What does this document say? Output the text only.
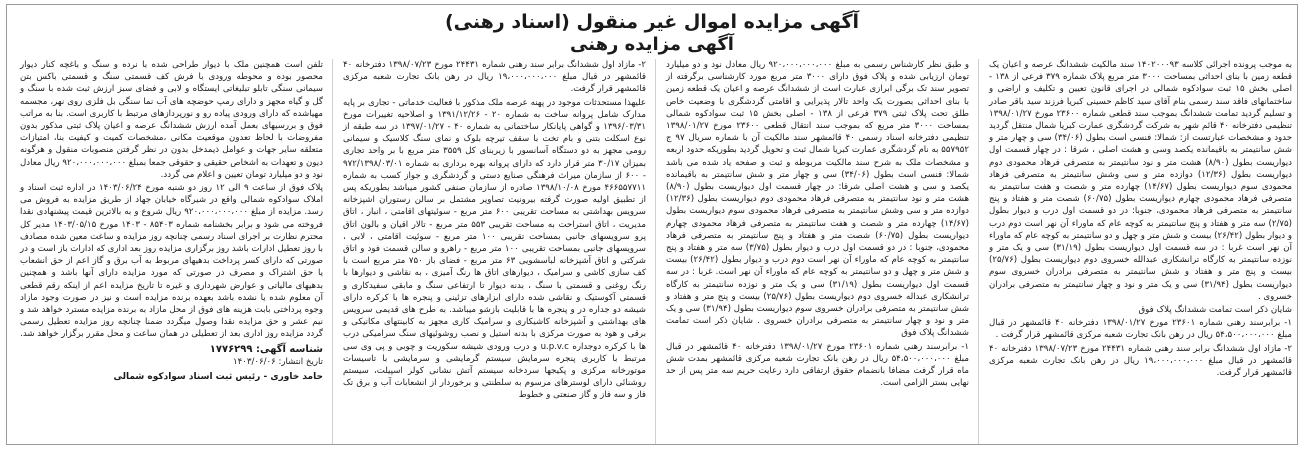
آگهی مزایده اموال غیر منقول (اسناد رهنی)
آگهی مزایده رهنی

به موجب پرونده اجرائی کلاسه ۱۴۰۲۰۰۰۹۳ سند مالکیت ششدانگ عرصه و اعیان یک قطعه زمین با بنای احداثی بمساحت ۳۰۰۰ متر مربع پلاک شماره ۳۷۹ فرعی از ۱۳۸ - اصلی بخش ۱۵ ثبت سوادکوه شمالی در اجرای قانون تعیین و تکلیف و اراضی و ساختمانهای فاقد سند رسمی بنام آقای سید کاظم حسینی کبریا فرزند سید باقر صادر و تسلیم گردید تمامت ششدانگ بموجب سند قطعی شماره ۲۳۶۰۰ مورخ ۱۳۹۸/۰۱/۲۷ تنظیمی دفترخانه ۴۰ قائم شهر به شرکت گردشگری عمارت کبریا شمال منتقل گردید حدود و مشخصات عبارتست از: شمالا: فنسی است بطول (۳۴/۰۶) سی و چهار متر و شش سانتیمتر به باقیمانده یکصد وسی و هشت اصلی ، شرقا : در چهار قسمت اول دیواریست بطول (۸/۹۰) هشت متر و نود سانتیمتر به متصرفی فرهاد محمودی دوم دیواریست بطول (۱۲/۳۶) دوازده متر و سی وشش سانتیمتر به متصرفی فرهاد محمودی سوم دیواریست بطول (۱۴/۶۷) چهارده متر و شصت و هفت سانتیمتر به متصرفی فرهاد محمودی چهارم دیواریست بطول (۶۰/۷۵) شصت متر و هفتاد و پنج سانتیمتر به متصرفی فرهاد محمودی، جنوبا: در دو قسمت اول درب و دیوار بطول (۲/۷۵) سه متر و هفتاد و پنج سانتیمتر به کوچه عام که ماوراء آن نهر است دوم درب و دیوار بطول (۲۶/۴۲) بیست و شش متر و چهل و دو سانتیمتر به کوچه عام که ماوراء آن نهر است غربا : در سه قسمت اول دیواریست بطول (۳۱/۱۹) سی و یک متر و نوزده سانتیمتر به کارگاه ترانشکاری عبدالله خسروی دوم دیواریست بطول (۲۵/۷۶) بیست و پنج متر و هفتاد و شش سانتیمتر به متصرفی برادران خسروی سوم دیواریست بطول (۳۱/۹۴) سی و یک متر و نود و چهار سانتیمتر به متصرفی برادران خسروی .

شایان ذکر است تمامت ششدانگ پلاک فوق

۱- برابرسند رهنی شماره ۲۳۶۰۱ مورخ ۱۳۹۸/۰۱/۲۷ دفترخانه ۴۰ قائمشهر در قبال مبلغ ۵۴،۵۰۰،۰۰۰،۰۰۰ ریال در رهن بانک تجارت شعبه مرکزی قائمشهر قرار گرفت .

۲- مازاد اول ششدانگ برابر سند رهنی شماره ۲۴۴۳۱ مورخ ۱۳۹۸/۰۷/۲۳ دفترخانه ۴۰ قائمشهر در قبال مبلغ ۱۹،۰۰۰،۰۰۰،۰۰۰ ریال در رهن بانک تجارت شعبه مرکزی قائمشهر قرار گرفت.

و طبق نظر کارشناس رسمی به مبلغ ۹۲۰،۰۰۰،۰۰۰،۰۰۰ ریال معادل نود و دو میلیارد تومان ارزیابی شده و پلاک فوق دارای ۳۰۰۰ متر مربع مورد کارشناسی برگرفته از تصویر سند تک برگی ابرازی عبارت است از ششدانگ عرصه و اعیان یک قطعه زمین با بنای احداثی بصورت یک واحد تالار پذیرایی و اقامتی گردشگری با وضعیت خاص طلق تحت پلاک ثبتی ۳۷۹ فرعی از ۱۳۸ - اصلی بخش ۱۵ ثبت سوادکوه شمالی بمساحت ۳۰۰۰ متر مربع که بموجب سند انتقال قطعی ۲۳۶۰۰ مورخ ۱۳۹۸/۰۱/۲۷ تنظیمی دفترخانه اسناد رسمی ۴۰ قائمشهر سند مالکیت آن با شماره سریال ۹۷ ج ۵۵۷۹۵۲ به نام گردشگری عمارت کبریا شمال ثبت و تحویل گردید بطوریکه حدود اربعه و مشخصات ملک به شرح سند مالکیت مربوطه و ثبت و صفحه یاد شده می باشد شمالا: فنسی است بطول (۳۴/۰۶) سی و چهار متر و شش سانتیمتر به باقیمانده یکصد و سی و هشت اصلی شرقا: در چهار قسمت اول دیواریست بطول (۸/۹۰) هشت متر و نود سانتیمتر به متصرفی فرهاد محمودی دوم دیواریست بطول (۱۲/۳۶) دوازده متر و سی وشش سانتیمتر به متصرفی فرهاد محمودی سوم دیواریست بطول (۱۴/۶۷) چهارده متر و شصت و هفت سانتیمتر به متصرفی فرهاد محمودی چهارم دیواریست بطول (۶۰/۷۵) شصت متر و هفتاد و پنج سانتیمتر به متصرفی فرهاد محمودی، جنوبا : در دو قسمت اول درب و دیوار بطول (۳/۷۵) سه متر و هفتاد و پنج سانتیمتر به کوچه عام که ماوراء آن نهر است دوم درب و دیوار بطول (۲۶/۴۲) بیست و شش متر و چهل و دو سانتیمتر به کوچه عام که ماوراء آن نهر است. غربا : در سه قسمت اول دیواریست بطول (۳۱/۱۹) سی و یک متر و نوزده سانتیمتر به کارگاه ترانشکاری عبداله خسروی دوم دیواریست بطول (۲۵/۷۶) بیست و پنج متر و هفتاد و شش سانتیمتر به متصرفی برادران خسروی سوم دیواریست بطول (۳۱/۹۴) سی و یک متر و نود و چهار سانتیمتر به متصرفی برادران خسروی . شایان ذکر است تمامت ششدانگ پلاک فوق

۱- برابرسند رهنی شماره ۲۳۶۰۱ مورخ ۱۳۹۸/۰۱/۲۷ دفترخانه ۴۰ قائمشهر در قبال مبلغ ۵۴،۵۰۰،۰۰۰،۰۰۰ ریال در رهن بانک تجارت شعبه مرکزی قائمشهر بمدت شش ماه قرار گرفت مضافا بانضمام حقوق ارتفاقی دارد رعایت حریم سه متر پس از حد نهایی بستر الزامی است.

۲- مازاد اول ششدانگ برابر سند رهنی شماره ۲۴۴۳۱ مورخ ۱۳۹۸/۰۷/۲۳ دفترخانه ۴۰ قائمشهر در قبال مبلغ ۱۹،۰۰۰،۰۰۰،۰۰۰ ریال در رهن بانک تجارت شعبه مرکزی قائمشهر قرار گرفت.

علیهذا مستحدثات موجود در پهنه عرصه ملک مذکور با فعالیت خدماتی - تجاری بر پایه مدارک شامل پروانه ساخت به شماره ۲۰ - ۱۳۹۱/۱۲/۲۶ و اصلاحیه تغییرات مورخ ۱۳۹۶/۰۳/۳۱ و گواهی پایانکار ساختمانی به شماره ۴۰ - ۱۳۹۷/۰۱/۲۷ در سه طبقه از نوع اسکلت بتنی و بام تخت با سقف تیرچه بلوک و نمای سنگ کلاسیک و سیمانی رومی مجهز به دو دستگاه آسانسور با زیربنای کل ۳۵۵۹ متر مربع با بر واحد تجاری بمیزان ۳۰/۱۷ متر قرار دارد که دارای پروانه بهره برداری به شماره ۹۷۲/۱۳۹۸/۰۳/۰۱ - ۶۰۰ از سازمان میراث فرهنگی صنایع دستی و گردشگری و جواز کسب به شماره ۴۶۶۵۵۷۷۱۱ مورخ ۱۳۹۸/۱۰/۰۸ صادره از سازمان صنفی کشور میباشد بطوریکه پس از تطبیق اولیه صورت گرفته بیرونیت تصاویر مشتمل بر سالن رستوران اشپزخانه سرویس بهداشتی به مساحت تقریبی ۶۰۰ متر مربع - سوئیتهای اقامتی ، انبار ، اتاق مدیریت ، اتاق استراحت به مساحت تقریبی ۵۵۳ متر مربع - تالار اقیان و بالون اتاق پرو سرویسهای جانبی بمساحت تقریبی ۱۰۰ متر مربع - سوئیت اقامتی ، لابی ، سرویسهای جانبی بمساحت تقریبی ۱۰۰ متر مربع - راهرو و سالن قسمت فود و اتاق شرکتی و اتاق آشپزخانه لباسشویی ۶۳ متر مربع - فضای باز ۷۵۰ متر مربع است با کف سازی کاشی و سرامیک ، دیوارهای اتاق ها رنگ آمیزی ، به نقاشی و دیوارها با رنگ روغنی و قسمتی با سنگ ، بدنه دیوار تا ارتفاعی سنگ و مابقی سفیدکاری و قسمتی آکوستیک و نقاشی شده دارای ابزارهای تزئینی و پنجره ها با کرکره دارای شیشه دو جداره در و پنجره ها با قابلیت بازشو میباشد. به طرح های قدیمی سرویس های بهداشتی و آشپزخانه کاشیکاری و سرامیک کاری مجهز به کابینتهای مکانیکی و برقی و هود به صورت مرکزی با بدنه استیل و نصب روشوئیهای سنگ سرامیکی درب ها با کرکره دوجداره u.p.v.c و درب ورودی شیشه سکوریت و چوبی و پی وی سی مرتبط با کاربری پنجره سرمایش سیستم گرمایشی و سرمایشی با تاسیسات موتورخانه مرکزی و پکیجها سردخانه سیستم آتش نشانی کولر اسپیلت، سیستم روشنائی دارای لوسترهای مرسوم به سلطنتی و برخوردار از انشعابات آب و برق تک فاز و سه فاز و گاز صنعتی و خطوط

تلفن است همچنین ملک با دیوار طراحی شده با نرده و سنگ و باغچه کنار دیوار محصور بوده و محوطه ورودی با فرش کف قسمتی سنگ و قسمتی باکس بتن سیمانی سنگی تابلو تبلیغاتی ایستگاه و لابی و فضای سبز ارزش ثبت شده با سنگ و گل و گیاه مجهز و دارای رمپ حوضچه های آب نما سنگی بل فلزی روی نهر، مجسمه مهیاشده که دارای ورودی پیاده رو و نورپردازهای مرتبط با کاربری است. بنا به مراتب فوق و بررسیهای بعمل آمده ارزش ششدانگ عرصه و اعیان پلاک ثبتی مذکور بدون مفروضات با لحاظ تعدون موقعیت مکانی ،مشخصات کمیت و کیفیت بنا، امتیازات متعلقه سایر جهات و عوامل ذیمدخل بدون در نظر گرفتن منصوبات منقول و هرگونه دیون و تعهدات به اشخاص حقیقی و حقوقی جمعا بمبلغ ۹۲۰،۰۰۰،۰۰۰،۰۰۰ ریال معادل نود و دو میلیارد تومان تعیین و اعلام می گردد.

پلاک فوق از ساعت ۹ الی ۱۲ روز دو شنبه مورخ ۱۴۰۳/۰۶/۲۴ در اداره ثبت اسناد و املاک سوادکوه شمالی واقع در شیرگاه خیابان جهاد از طریق مزایده به فروش می رسد. مزایده از مبلغ ۹۲۰،۰۰۰،۰۰۰،۰۰۰ ریال شروع و به بالاترین قیمت پیشنهادی نقدا فروخته می شود و برابر بخشنامه شماره ۸۵۴۰۳ - ۱۴۰۳ مورخ ۱۴۰۳/۰۵/۱۵ مدیر کل محترم نظارت بر اجرای اسناد رسمی چنانچه روز مزایده و ساعت معین شده مصادف با روز تعطیل ادارات باشد روز برگزاری مزایده روز بعد اداری که ادارات باز است و در صورتی که دارای کسر پرداخت بدهیهای مربوط به آب برق و گاز اعم از حق انشعاب یا حق اشتراک و مصرف در صورتی که مورد مزایده دارای آنها باشد و همچنین بدهیهای مالیاتی و عوارض شهرداری و غیره تا تاریخ مزایده اعم از اینکه رقم قطعی آن معلوم شده یا نشده باشد بعهده برنده مزایده است و نیز در صورت وجود مازاد وجوه پرداختی بابت هزینه های فوق از محل مازاد به برنده مزایده مسترد خواهد شد و نیم عشر و حق مزایده نقدا وصول میگردد ضمنا چنانچه روز مزایده تعطیل رسمی گردد مزایده روز اداری بعد از تعطیلی در همان ساعت و محل مقرر برگزار خواهد شد.

شناسه آگهی: ۱۷۷۶۲۹۹
تاریخ انتشار: ۱۴۰۳/۰۶/۰۶
حامد خاوری - رئیس ثبت اسناد سوادکوه شمالی
